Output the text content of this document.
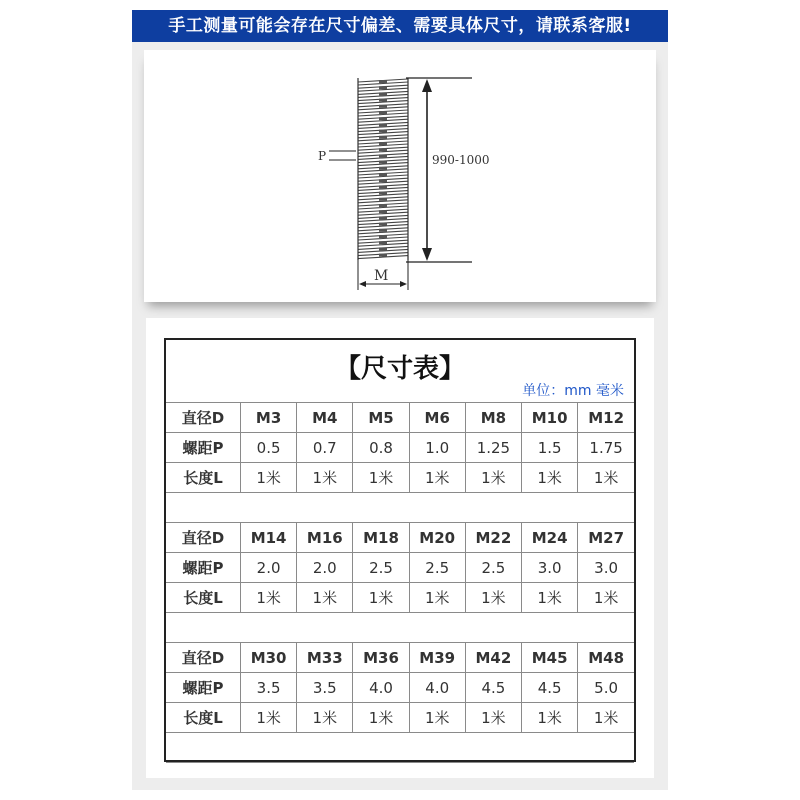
手工测量可能会存在尺寸偏差、需要具体尺寸，请联系客服!
990-1000
P
M
【尺寸表】
单位：mm 毫米
直径D	M3	M4	M5	M6	M8	M10	M12
螺距P	0.5	0.7	0.8	1.0	1.25	1.5	1.75
长度L	1米	1米	1米	1米	1米	1米	1米

直径D	M14	M16	M18	M20	M22	M24	M27
螺距P	2.0	2.0	2.5	2.5	2.5	3.0	3.0
长度L	1米	1米	1米	1米	1米	1米	1米

直径D	M30	M33	M36	M39	M42	M45	M48
螺距P	3.5	3.5	4.0	4.0	4.5	4.5	5.0
长度L	1米	1米	1米	1米	1米	1米	1米
